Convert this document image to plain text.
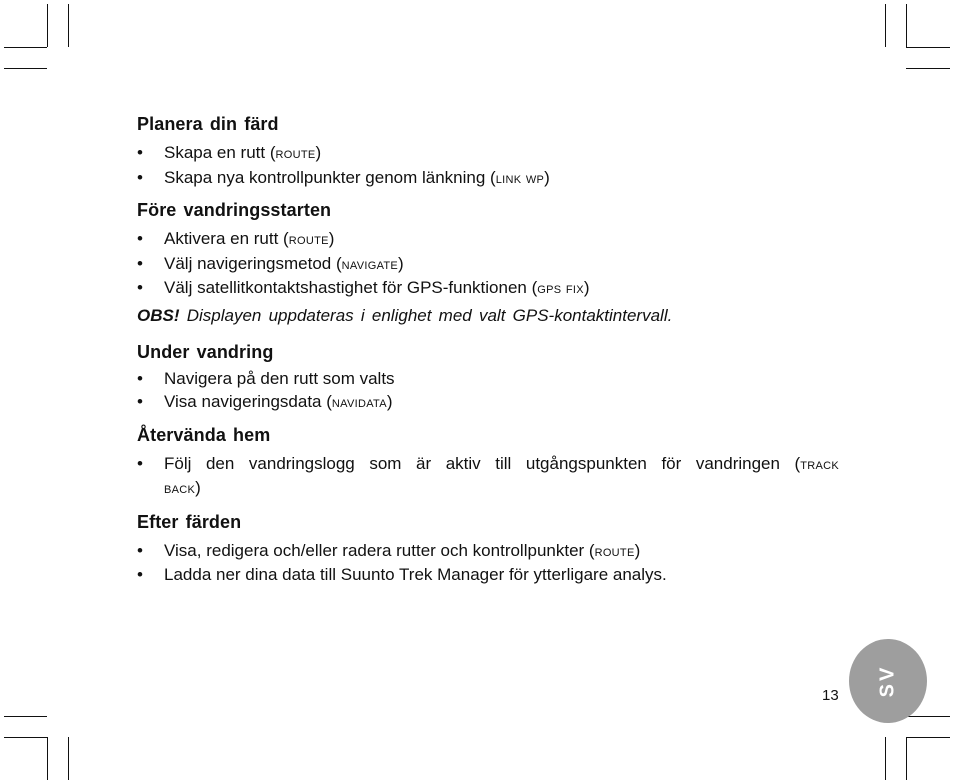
Planera din färd
• Skapa en rutt (route)
• Skapa nya kontrollpunkter genom länkning (link wp)
Före vandringsstarten
• Aktivera en rutt (route)
• Välj navigeringsmetod (navigate)
• Välj satellitkontaktshastighet för GPS-funktionen (gps fix)
OBS! Displayen uppdateras i enlighet med valt GPS-kontaktintervall.
Under vandring
• Navigera på den rutt som valts
• Visa navigeringsdata (navidata)
Återvända hem
• Följ den vandringslogg som är aktiv till utgångspunkten för vandringen (track
back)
Efter färden
• Visa, redigera och/eller radera rutter och kontrollpunkter (route)
• Ladda ner dina data till Suunto Trek Manager för ytterligare analys.
13 SV
